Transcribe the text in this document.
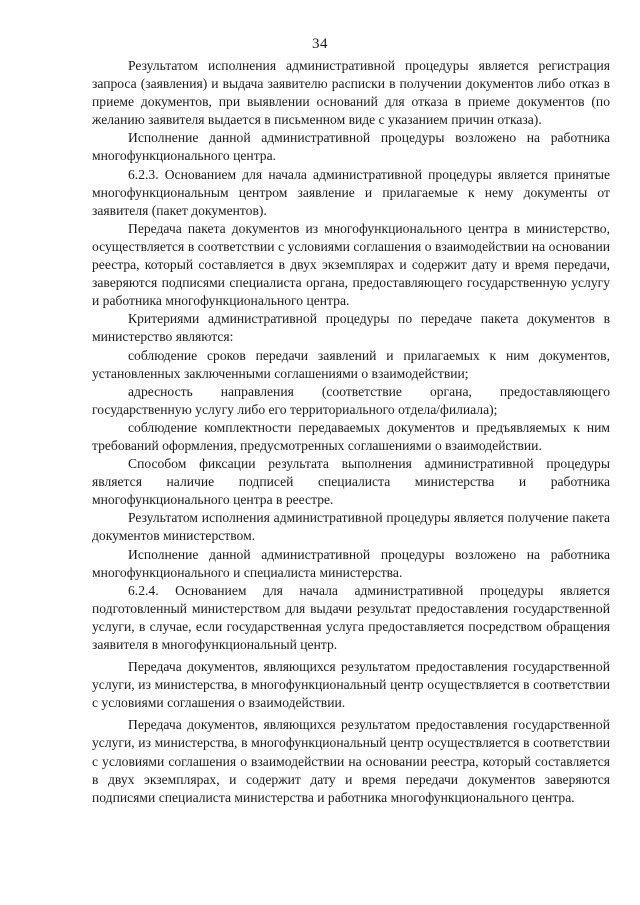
34

Результатом исполнения административной процедуры является регистрация запроса (заявления) и выдача заявителю расписки в получении документов либо отказ в приеме документов, при выявлении оснований для отказа в приеме документов (по желанию заявителя выдается в письменном виде с указанием причин отказа).

Исполнение данной административной процедуры возложено на работника многофункционального центра.

6.2.3. Основанием для начала административной процедуры является принятые многофункциональным центром заявление и прилагаемые к нему документы от заявителя (пакет документов).

Передача пакета документов из многофункционального центра в министерство, осуществляется в соответствии с условиями соглашения о взаимодействии на основании реестра, который составляется в двух экземплярах и содержит дату и время передачи, заверяются подписями специалиста органа, предоставляющего государственную услугу и работника многофункционального центра.

Критериями административной процедуры по передаче пакета документов в министерство являются:

соблюдение сроков передачи заявлений и прилагаемых к ним документов, установленных заключенными соглашениями о взаимодействии;

адресность направления (соответствие органа, предоставляющего государственную услугу либо его территориального отдела/филиала);

соблюдение комплектности передаваемых документов и предъявляемых к ним требований оформления, предусмотренных соглашениями о взаимодействии.

Способом фиксации результата выполнения административной процедуры является наличие подписей специалиста министерства и работника многофункционального центра в реестре.

Результатом исполнения административной процедуры является получение пакета документов министерством.

Исполнение данной административной процедуры возложено на работника многофункционального и специалиста министерства.

6.2.4. Основанием для начала административной процедуры является подготовленный министерством для выдачи результат предоставления государственной услуги, в случае, если государственная услуга предоставляется посредством обращения заявителя в многофункциональный центр.

Передача документов, являющихся результатом предоставления государственной услуги, из министерства, в многофункциональный центр осуществляется в соответствии с условиями соглашения о взаимодействии.

Передача документов, являющихся результатом предоставления государственной услуги, из министерства, в многофункциональный центр осуществляется в соответствии с условиями соглашения о взаимодействии на основании реестра, который составляется в двух экземплярах, и содержит дату и время передачи документов заверяются подписями специалиста министерства и работника многофункционального центра.
